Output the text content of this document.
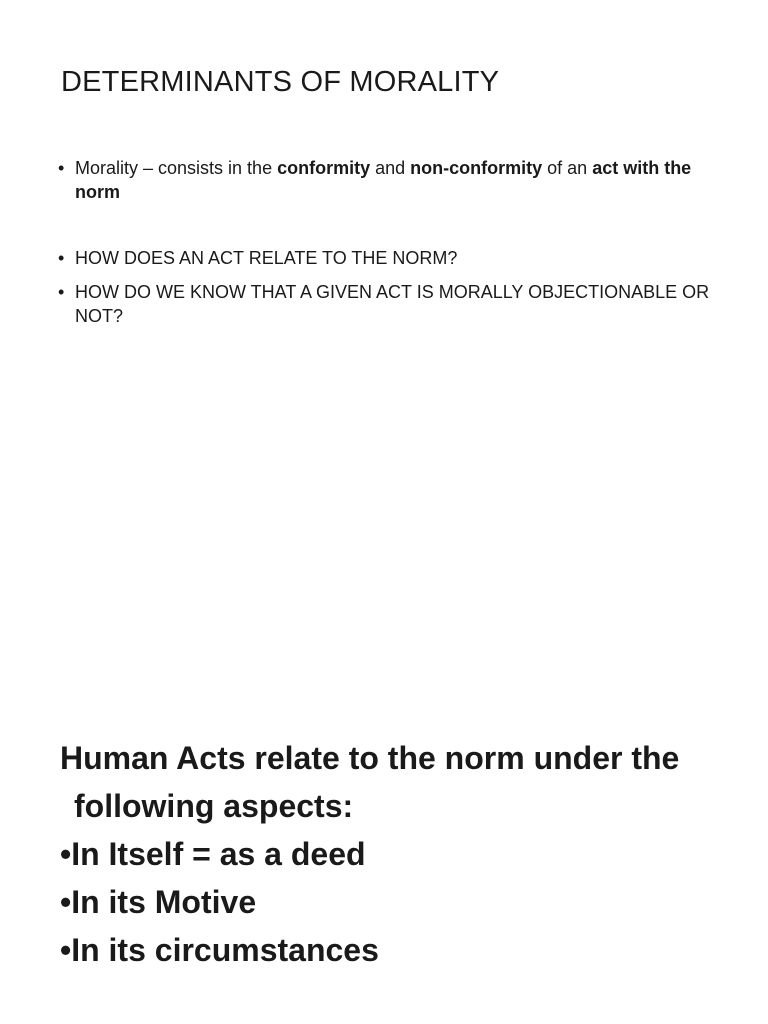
DETERMINANTS OF MORALITY
• Morality – consists in the conformity and non-conformity of an act with the norm
• HOW DOES AN ACT RELATE TO THE NORM?
• HOW DO WE KNOW THAT A GIVEN ACT IS MORALLY OBJECTIONABLE OR NOT?
Human Acts relate to the norm under the following aspects:
•In Itself = as a deed
•In its Motive
•In its circumstances
